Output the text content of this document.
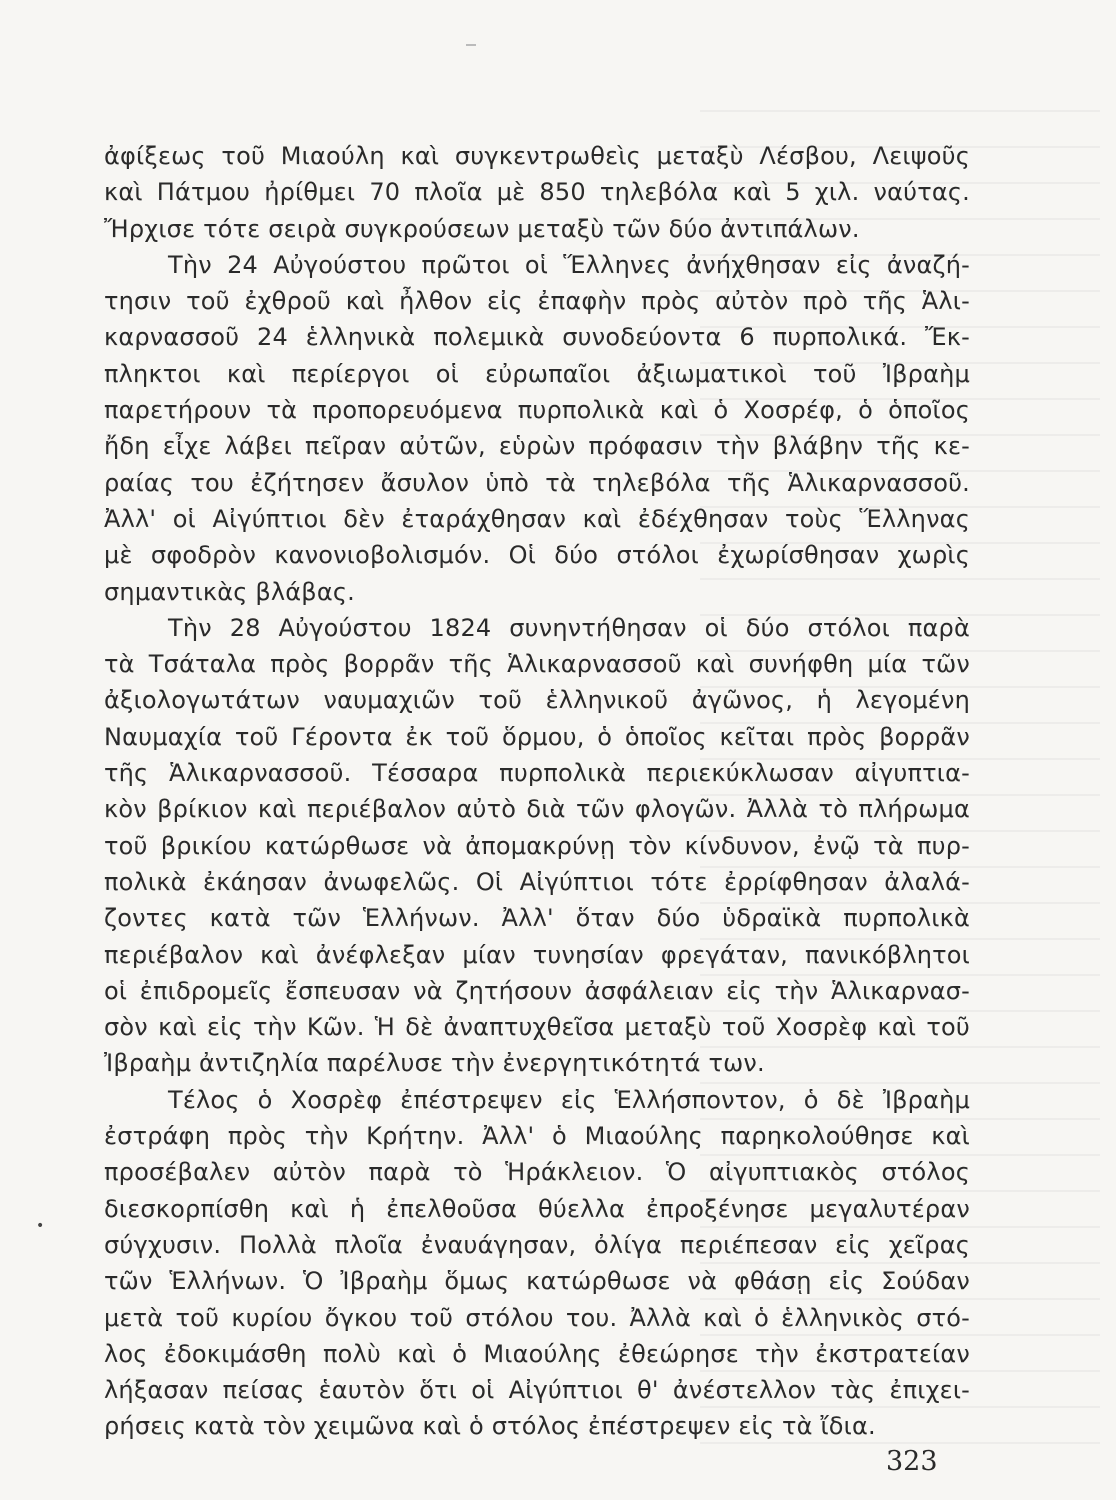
ἀφίξεως τοῦ Μιαούλη καὶ συγκεντρωθεὶς μεταξὺ Λέσβου, Λειψοῦς
καὶ Πάτμου ἠρίθμει 70 πλοῖα μὲ 850 τηλεβόλα καὶ 5 χιλ. ναύτας.
Ἤρχισε τότε σειρὰ συγκρούσεων μεταξὺ τῶν δύο ἀντιπάλων.
Τὴν 24 Αὐγούστου πρῶτοι οἱ Ἕλληνες ἀνήχθησαν εἰς ἀναζή-
τησιν τοῦ ἐχθροῦ καὶ ἦλθον εἰς ἐπαφὴν πρὸς αὐτὸν πρὸ τῆς Ἁλι-
καρνασσοῦ 24 ἑλληνικὰ πολεμικὰ συνοδεύοντα 6 πυρπολικά. Ἔκ-
πληκτοι καὶ περίεργοι οἱ εὐρωπαῖοι ἀξιωματικοὶ τοῦ Ἰβραὴμ
παρετήρουν τὰ προπορευόμενα πυρπολικὰ καὶ ὁ Χοσρέφ, ὁ ὁποῖος
ἤδη εἶχε λάβει πεῖραν αὐτῶν, εὑρὼν πρόφασιν τὴν βλάβην τῆς κε-
ραίας του ἐζήτησεν ἄσυλον ὑπὸ τὰ τηλεβόλα τῆς Ἁλικαρνασσοῦ.
Ἀλλ' οἱ Αἰγύπτιοι δὲν ἐταράχθησαν καὶ ἐδέχθησαν τοὺς Ἕλληνας
μὲ σφοδρὸν κανονιοβολισμόν. Οἱ δύο στόλοι ἐχωρίσθησαν χωρὶς
σημαντικὰς βλάβας.
Τὴν 28 Αὐγούστου 1824 συνηντήθησαν οἱ δύο στόλοι παρὰ
τὰ Τσάταλα πρὸς βορρᾶν τῆς Ἁλικαρνασσοῦ καὶ συνήφθη μία τῶν
ἀξιολογωτάτων ναυμαχιῶν τοῦ ἑλληνικοῦ ἀγῶνος, ἡ λεγομένη
Ναυμαχία τοῦ Γέροντα ἐκ τοῦ ὅρμου, ὁ ὁποῖος κεῖται πρὸς βορρᾶν
τῆς Ἁλικαρνασσοῦ. Τέσσαρα πυρπολικὰ περιεκύκλωσαν αἰγυπτια-
κὸν βρίκιον καὶ περιέβαλον αὐτὸ διὰ τῶν φλογῶν. Ἀλλὰ τὸ πλήρωμα
τοῦ βρικίου κατώρθωσε νὰ ἀπομακρύνῃ τὸν κίνδυνον, ἐνῷ τὰ πυρ-
πολικὰ ἐκάησαν ἀνωφελῶς. Οἱ Αἰγύπτιοι τότε ἐρρίφθησαν ἀλαλά-
ζοντες κατὰ τῶν Ἑλλήνων. Ἀλλ' ὅταν δύο ὑδραϊκὰ πυρπολικὰ
περιέβαλον καὶ ἀνέφλεξαν μίαν τυνησίαν φρεγάταν, πανικόβλητοι
οἱ ἐπιδρομεῖς ἔσπευσαν νὰ ζητήσουν ἀσφάλειαν εἰς τὴν Ἁλικαρνασ-
σὸν καὶ εἰς τὴν Κῶν. Ἡ δὲ ἀναπτυχθεῖσα μεταξὺ τοῦ Χοσρὲφ καὶ τοῦ
Ἰβραὴμ ἀντιζηλία παρέλυσε τὴν ἐνεργητικότητά των.
Τέλος ὁ Χοσρὲφ ἐπέστρεψεν εἰς Ἑλλήσποντον, ὁ δὲ Ἰβραὴμ
ἐστράφη πρὸς τὴν Κρήτην. Ἀλλ' ὁ Μιαούλης παρηκολούθησε καὶ
προσέβαλεν αὐτὸν παρὰ τὸ Ἡράκλειον. Ὁ αἰγυπτιακὸς στόλος
διεσκορπίσθη καὶ ἡ ἐπελθοῦσα θύελλα ἐπροξένησε μεγαλυτέραν
σύγχυσιν. Πολλὰ πλοῖα ἐναυάγησαν, ὀλίγα περιέπεσαν εἰς χεῖρας
τῶν Ἑλλήνων. Ὁ Ἰβραὴμ ὅμως κατώρθωσε νὰ φθάσῃ εἰς Σούδαν
μετὰ τοῦ κυρίου ὄγκου τοῦ στόλου του. Ἀλλὰ καὶ ὁ ἑλληνικὸς στό-
λος ἐδοκιμάσθη πολὺ καὶ ὁ Μιαούλης ἐθεώρησε τὴν ἐκστρατείαν
λήξασαν πείσας ἑαυτὸν ὅτι οἱ Αἰγύπτιοι θ' ἀνέστελλον τὰς ἐπιχει-
ρήσεις κατὰ τὸν χειμῶνα καὶ ὁ στόλος ἐπέστρεψεν εἰς τὰ ἴδια.
•
323
